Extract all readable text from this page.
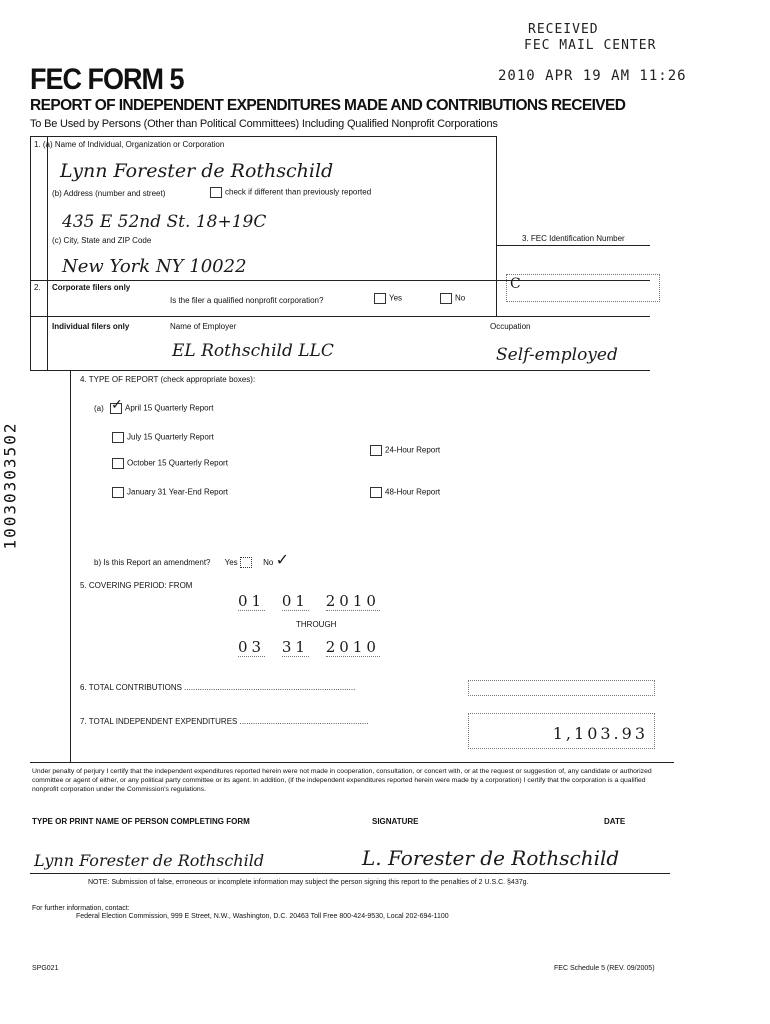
RECEIVED
FEC MAIL CENTER
2010 APR 19 AM 11:26
FEC FORM 5
REPORT OF INDEPENDENT EXPENDITURES MADE AND CONTRIBUTIONS RECEIVED
To Be Used by Persons (Other than Political Committees) Including Qualified Nonprofit Corporations
10030303502
1. (a) Name of Individual, Organization or Corporation
Lynn Forester de Rothschild
(b) Address (number and street)	check if different than previously reported
435 E 52nd St. 18+19C
(c) City, State and ZIP Code
New York NY 10022
3. FEC Identification Number
C
2. Corporate filers only
Is the filer a qualified nonprofit corporation?	Yes	No
Individual filers only	Name of Employer
EL Rothschild LLC
Occupation
Self-employed
4. TYPE OF REPORT (check appropriate boxes):
(a) ✓ April 15 Quarterly Report
July 15 Quarterly Report
October 15 Quarterly Report
January 31 Year-End Report
24-Hour Report
48-Hour Report
b) Is this Report an amendment? Yes	No ✓
5. COVERING PERIOD: FROM
01 01 2010
THROUGH
03 31 2010
6. TOTAL CONTRIBUTIONS .............................................................................
7. TOTAL INDEPENDENT EXPENDITURES ..........................................................
1,103.93
Under penalty of perjury I certify that the independent expenditures reported herein were not made in cooperation, consultation, or concert with, or at the request or suggestion of, any candidate or authorized committee or agent of either, or any political party committee or its agent. In addition, (if the independent expenditures reported herein were made by a corporation) I certify that the corporation is a qualified nonprofit corporation under the Commission's regulations.
TYPE OR PRINT NAME OF PERSON COMPLETING FORM	SIGNATURE	DATE
Lynn Forester de Rothschild	L. Forester de Rothschild
NOTE: Submission of false, erroneous or incomplete information may subject the person signing this report to the penalties of 2 U.S.C. §437g.
For further information, contact:
Federal Election Commission, 999 E Street, N.W., Washington, D.C. 20463 Toll Free 800-424-9530, Local 202-694-1100
SPG021	FEC Schedule 5 (REV. 09/2005)
